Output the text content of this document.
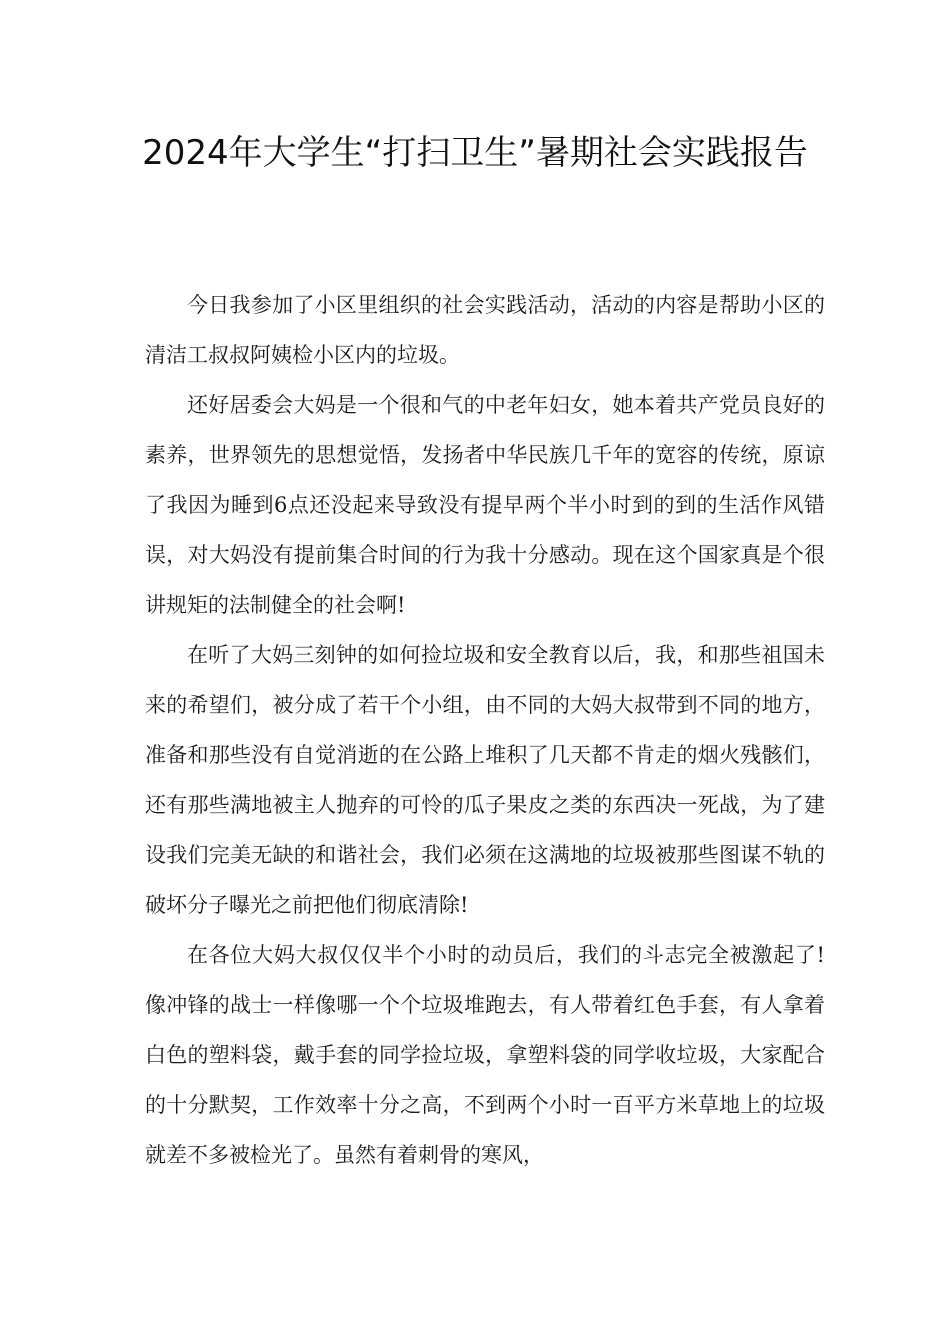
2024年大学生“打扫卫生”暑期社会实践报告

今日我参加了小区里组织的社会实践活动，活动的内容是帮助小区的清洁工叔叔阿姨检小区内的垃圾。

还好居委会大妈是一个很和气的中老年妇女，她本着共产党员良好的素养，世界领先的思想觉悟，发扬者中华民族几千年的宽容的传统，原谅了我因为睡到6点还没起来导致没有提早两个半小时到的到的生活作风错误，对大妈没有提前集合时间的行为我十分感动。现在这个国家真是个很讲规矩的法制健全的社会啊!

在听了大妈三刻钟的如何捡垃圾和安全教育以后，我，和那些祖国未来的希望们，被分成了若干个小组，由不同的大妈大叔带到不同的地方，准备和那些没有自觉消逝的在公路上堆积了几天都不肯走的烟火残骸们，还有那些满地被主人抛弃的可怜的瓜子果皮之类的东西决一死战，为了建设我们完美无缺的和谐社会，我们必须在这满地的垃圾被那些图谋不轨的破坏分子曝光之前把他们彻底清除!

在各位大妈大叔仅仅半个小时的动员后，我们的斗志完全被激起了!像冲锋的战士一样像哪一个个垃圾堆跑去，有人带着红色手套，有人拿着白色的塑料袋，戴手套的同学捡垃圾，拿塑料袋的同学收垃圾，大家配合的十分默契，工作效率十分之高，不到两个小时一百平方米草地上的垃圾就差不多被检光了。虽然有着刺骨的寒风，
